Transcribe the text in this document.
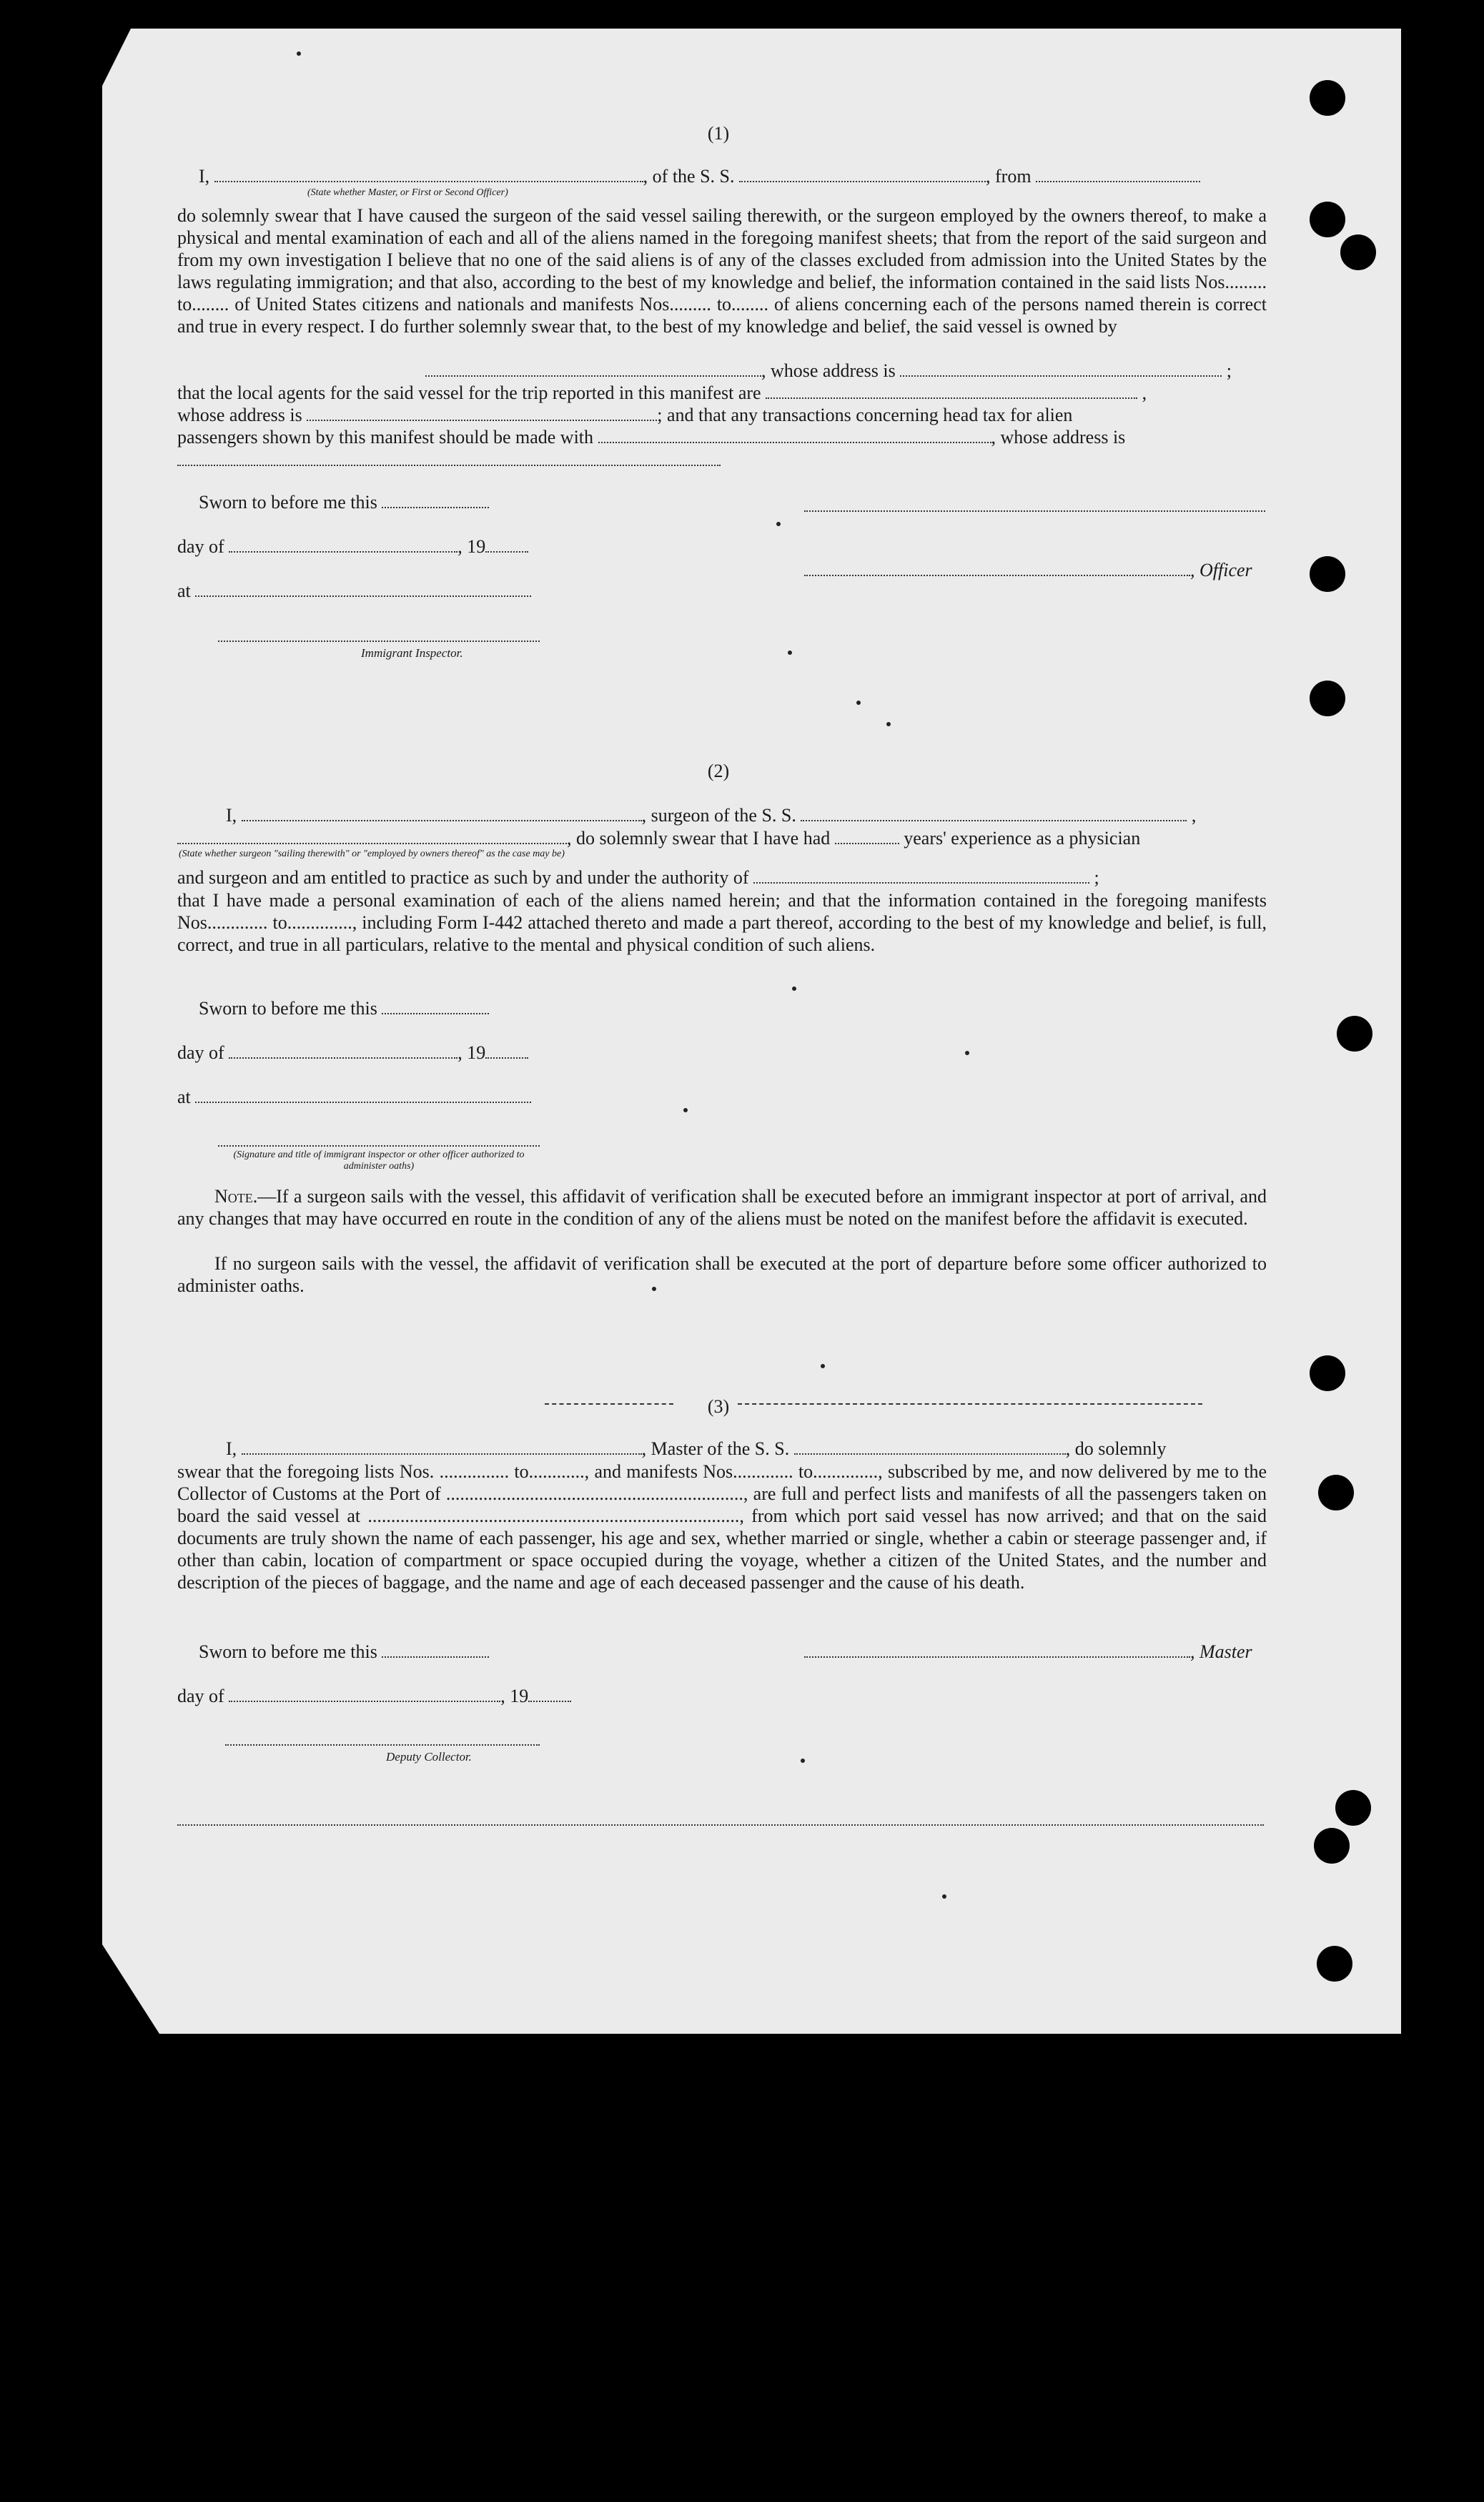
(1)
I,	, of the S. S.	, from
(State whether Master, or First or Second Officer)
do solemnly swear that I have caused the surgeon of the said vessel sailing therewith, or the surgeon employed by the owners thereof, to make a physical and mental examination of each and all of the aliens named in the foregoing manifest sheets; that from the report of the said surgeon and from my own investigation I believe that no one of the said aliens is of any of the classes excluded from admission into the United States by the laws regulating immigration; and that also, according to the best of my knowledge and belief, the information contained in the said lists Nos......... to........ of United States citizens and nationals and manifests Nos......... to........ of aliens concerning each of the persons named therein is correct and true in every respect. I do further solemnly swear that, to the best of my knowledge and belief, the said vessel is owned by
, whose address is	;
that the local agents for the said vessel for the trip reported in this manifest are	,
whose address is	; and that any transactions concerning head tax for alien
passengers shown by this manifest should be made with	, whose address is
Sworn to before me this
day of	, 19
, Officer
at
Immigrant Inspector.
(2)
I,	, surgeon of the S. S.	,
, do solemnly swear that I have had	years' experience as a physician
(State whether surgeon "sailing therewith" or "employed by owners thereof" as the case may be)
and surgeon and am entitled to practice as such by and under the authority of	;
that I have made a personal examination of each of the aliens named herein; and that the information contained in the foregoing manifests Nos............. to.............., including Form I-442 attached thereto and made a part thereof, according to the best of my knowledge and belief, is full, correct, and true in all particulars, relative to the mental and physical condition of such aliens.
Sworn to before me this
day of	, 19
at
(Signature and title of immigrant inspector or other officer authorized to administer oaths)
Note.—If a surgeon sails with the vessel, this affidavit of verification shall be executed before an immigrant inspector at port of arrival, and any changes that may have occurred en route in the condition of any of the aliens must be noted on the manifest before the affidavit is executed.
If no surgeon sails with the vessel, the affidavit of verification shall be executed at the port of departure before some officer authorized to administer oaths.
(3)
I,	, Master of the S. S.	, do solemnly
swear that the foregoing lists Nos. ............... to............, and manifests Nos............. to.............., subscribed by me, and now delivered by me to the Collector of Customs at the Port of ................................................................, are full and perfect lists and manifests of all the passengers taken on board the said vessel at ................................................................................, from which port said vessel has now arrived; and that on the said documents are truly shown the name of each passenger, his age and sex, whether married or single, whether a cabin or steerage passenger and, if other than cabin, location of compartment or space occupied during the voyage, whether a citizen of the United States, and the number and description of the pieces of baggage, and the name and age of each deceased passenger and the cause of his death.
Sworn to before me this	, Master
day of	, 19
Deputy Collector.
